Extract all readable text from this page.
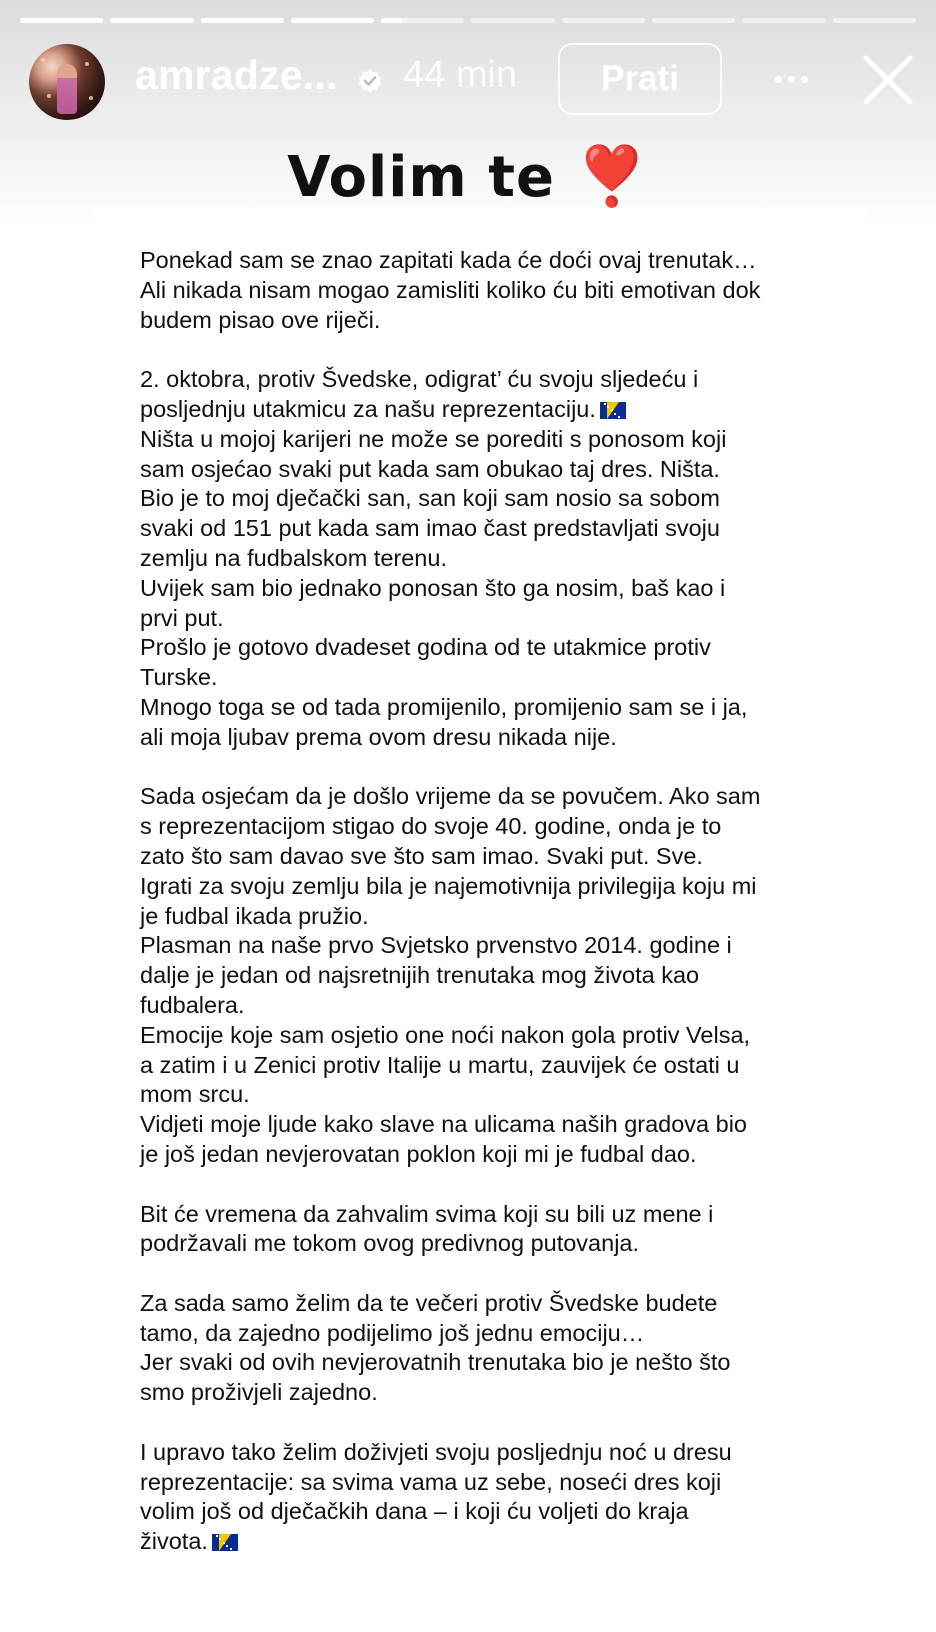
amradze... 44 min	Prati
Volim te ❣️
Ponekad sam se znao zapitati kada će doći ovaj trenutak…
Ali nikada nisam mogao zamisliti koliko ću biti emotivan dok
budem pisao ove riječi.
2. oktobra, protiv Švedske, odigrat’ ću svoju sljedeću i
posljednju utakmicu za našu reprezentaciju.
Ništa u mojoj karijeri ne može se porediti s ponosom koji
sam osjećao svaki put kada sam obukao taj dres. Ništa.
Bio je to moj dječački san, san koji sam nosio sa sobom
svaki od 151 put kada sam imao čast predstavljati svoju
zemlju na fudbalskom terenu.
Uvijek sam bio jednako ponosan što ga nosim, baš kao i
prvi put.
Prošlo je gotovo dvadeset godina od te utakmice protiv
Turske.
Mnogo toga se od tada promijenilo, promijenio sam se i ja,
ali moja ljubav prema ovom dresu nikada nije.
Sada osjećam da je došlo vrijeme da se povučem. Ako sam
s reprezentacijom stigao do svoje 40. godine, onda je to
zato što sam davao sve što sam imao. Svaki put. Sve.
Igrati za svoju zemlju bila je najemotivnija privilegija koju mi
je fudbal ikada pružio.
Plasman na naše prvo Svjetsko prvenstvo 2014. godine i
dalje je jedan od najsretnijih trenutaka mog života kao
fudbalera.
Emocije koje sam osjetio one noći nakon gola protiv Velsa,
a zatim i u Zenici protiv Italije u martu, zauvijek će ostati u
mom srcu.
Vidjeti moje ljude kako slave na ulicama naših gradova bio
je još jedan nevjerovatan poklon koji mi je fudbal dao.
Bit će vremena da zahvalim svima koji su bili uz mene i
podržavali me tokom ovog predivnog putovanja.
Za sada samo želim da te večeri protiv Švedske budete
tamo, da zajedno podijelimo još jednu emociju…
Jer svaki od ovih nevjerovatnih trenutaka bio je nešto što
smo proživjeli zajedno.
I upravo tako želim doživjeti svoju posljednju noć u dresu
reprezentacije: sa svima vama uz sebe, noseći dres koji
volim još od dječačkih dana – i koji ću voljeti do kraja
života.
